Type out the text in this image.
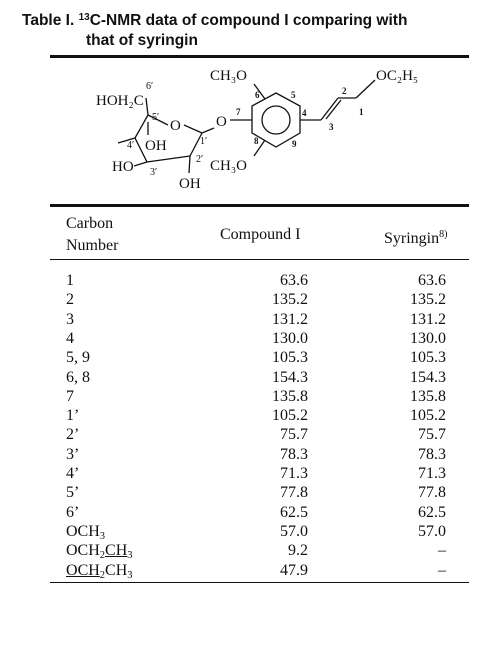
Table I. $^{13}$C-NMR data of compound I comparing with
that of syringin
CH₃O	OC₂H₅
HOH₂C
6′
5′
O
OH
4′
HO 3′
2′
1′
OH
O
CH₃O
1
2
3
4
5
6
7
8	9
Carbon
Number
Compound I	Syringin$^{8)}$
1	63.6	63.6
2	135.2	135.2
3	131.2	131.2
4	130.0	130.0
5, 9	105.3	105.3
6, 8	154.3	154.3
7	135.8	135.8
1’	105.2	105.2
2’	75.7	75.7
3’	78.3	78.3
4’	71.3	71.3
5’	77.8	77.8
6’	62.5	62.5
$OCH_3$	57.0	57.0
$OCH_2CH_3$	9.2	–
$OCH_2CH_3$	47.9	–
